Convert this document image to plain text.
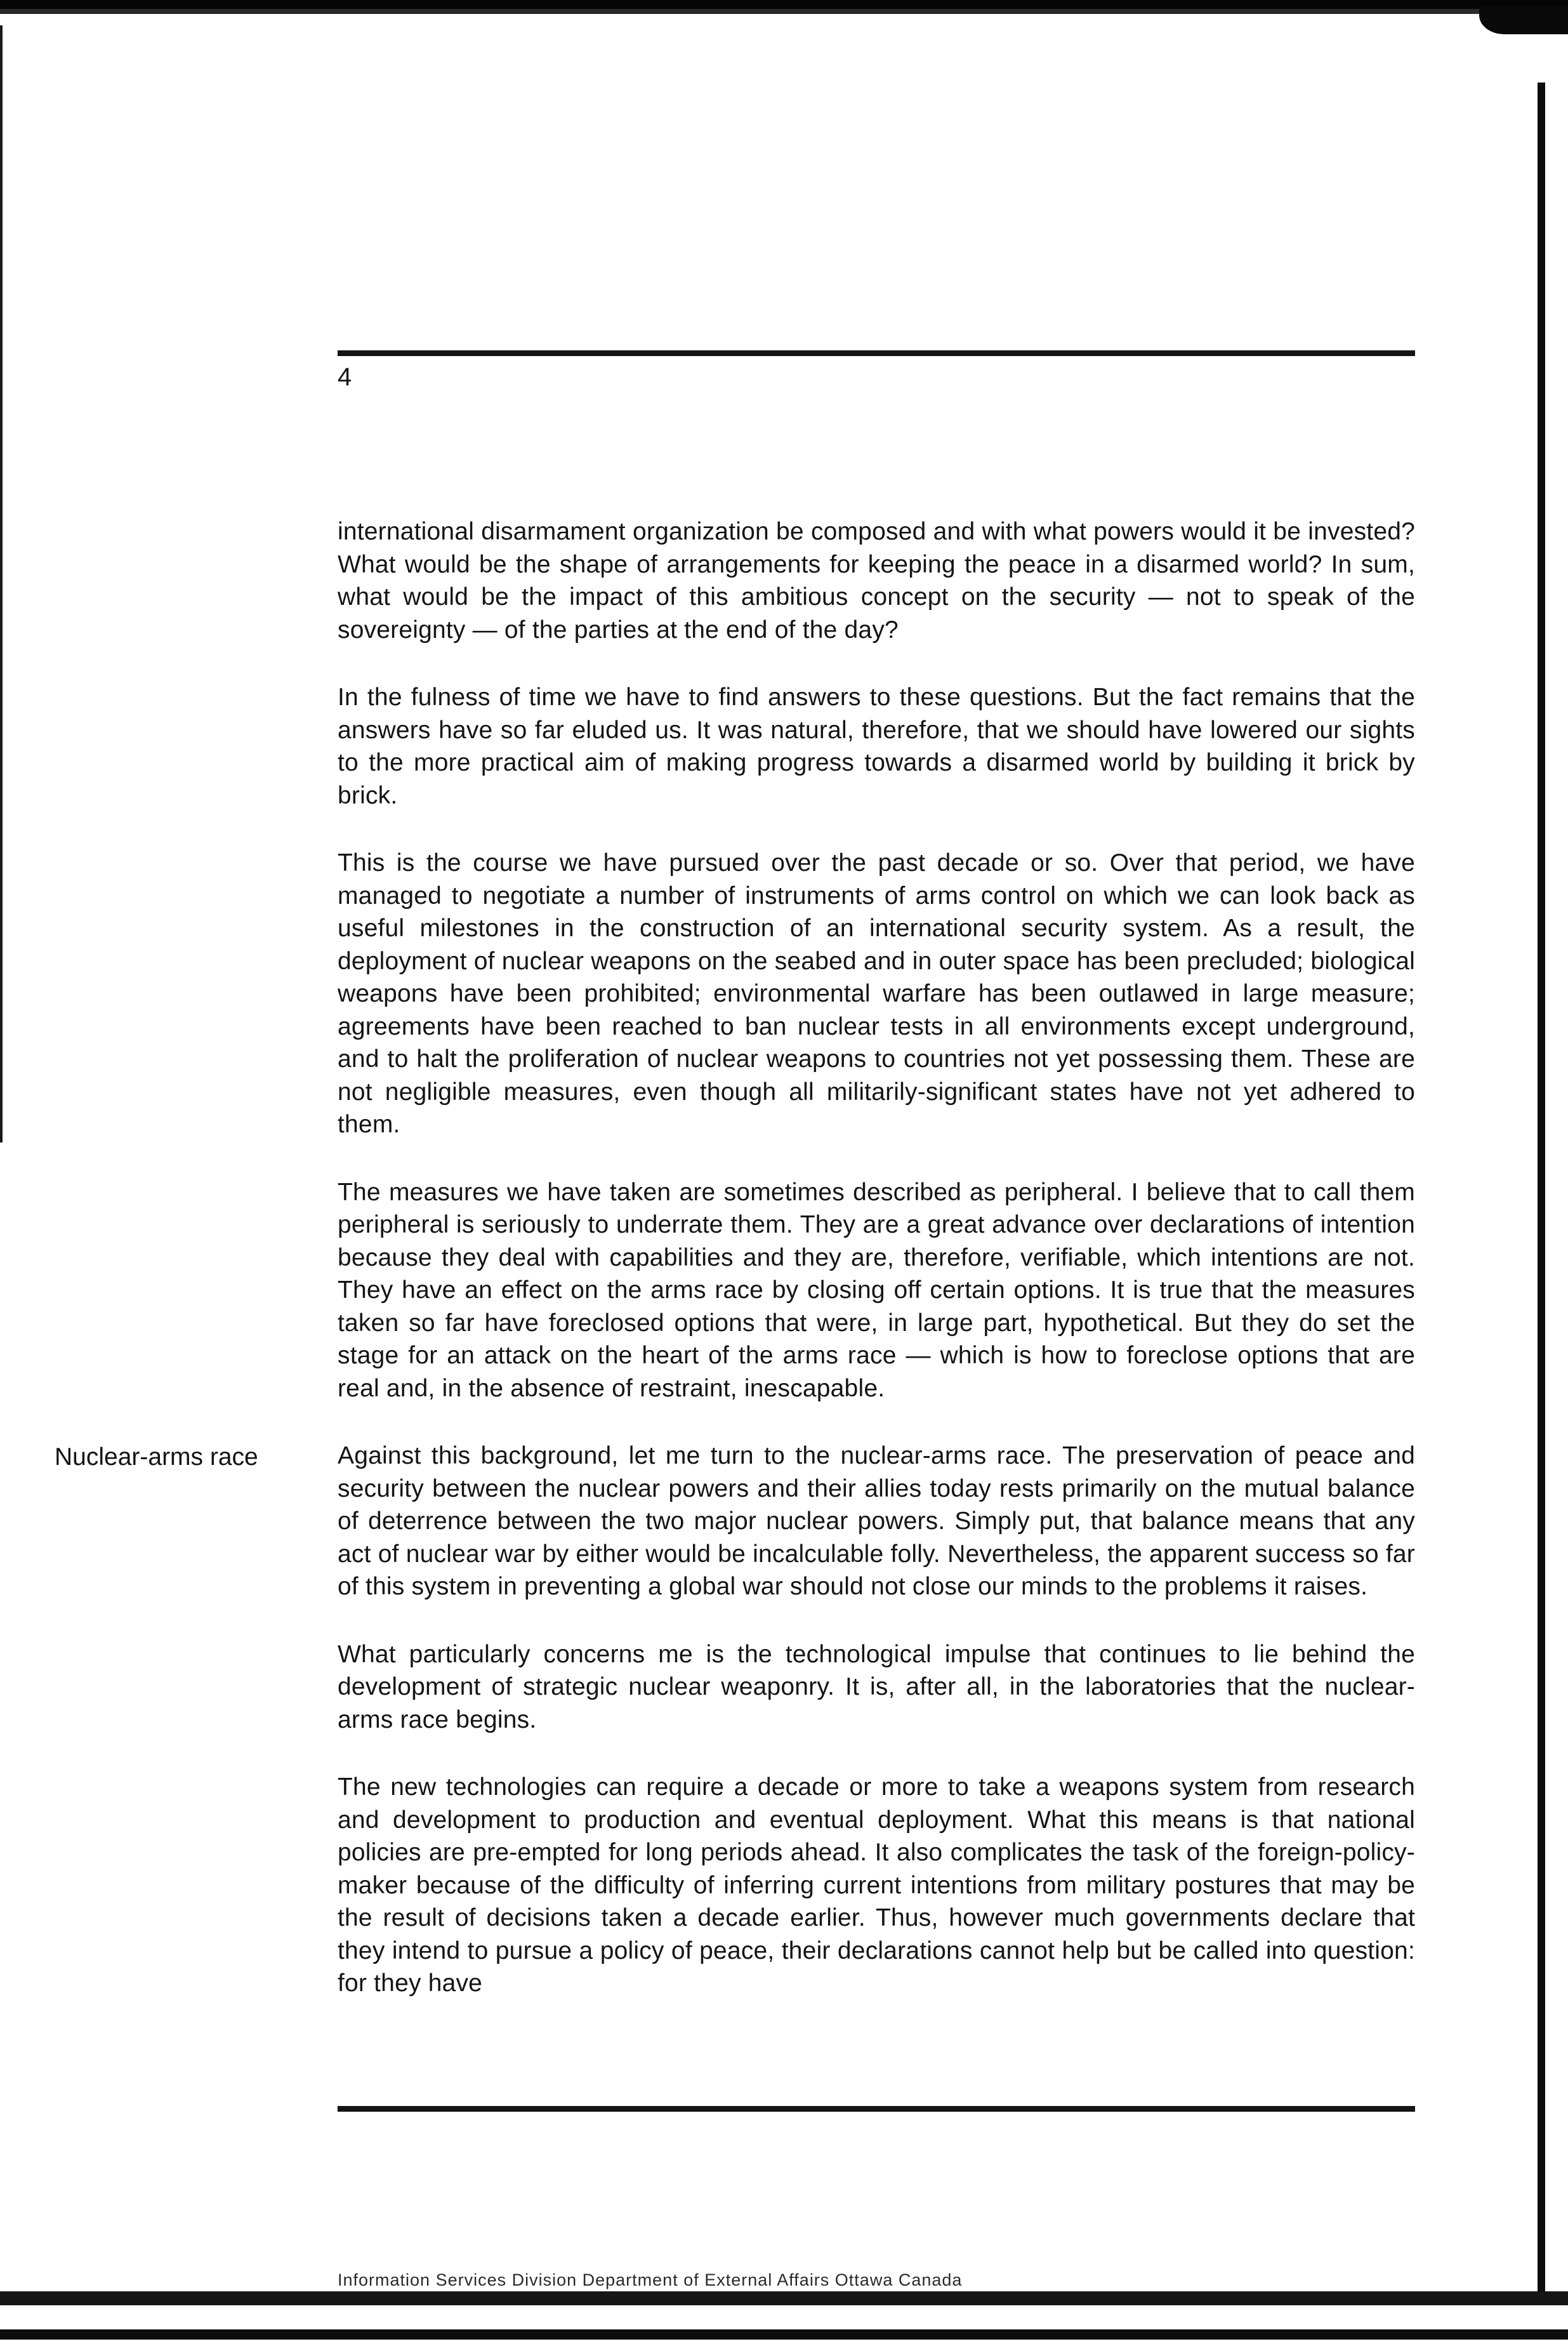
4
Nuclear-arms race

international disarmament organization be composed and with what powers would it be invested? What would be the shape of arrangements for keeping the peace in a disarmed world? In sum, what would be the impact of this ambitious concept on the security — not to speak of the sovereignty — of the parties at the end of the day?

In the fulness of time we have to find answers to these questions. But the fact remains that the answers have so far eluded us. It was natural, therefore, that we should have lowered our sights to the more practical aim of making progress towards a disarmed world by building it brick by brick.

This is the course we have pursued over the past decade or so. Over that period, we have managed to negotiate a number of instruments of arms control on which we can look back as useful milestones in the construction of an international security system. As a result, the deployment of nuclear weapons on the seabed and in outer space has been precluded; biological weapons have been prohibited; environmental warfare has been outlawed in large measure; agreements have been reached to ban nuclear tests in all environments except underground, and to halt the proliferation of nuclear weapons to countries not yet possessing them. These are not negligible measures, even though all militarily-significant states have not yet adhered to them.

The measures we have taken are sometimes described as peripheral. I believe that to call them peripheral is seriously to underrate them. They are a great advance over declarations of intention because they deal with capabilities and they are, therefore, verifiable, which intentions are not. They have an effect on the arms race by closing off certain options. It is true that the measures taken so far have foreclosed options that were, in large part, hypothetical. But they do set the stage for an attack on the heart of the arms race — which is how to foreclose options that are real and, in the absence of restraint, inescapable.

Against this background, let me turn to the nuclear-arms race. The preservation of peace and security between the nuclear powers and their allies today rests primarily on the mutual balance of deterrence between the two major nuclear powers. Simply put, that balance means that any act of nuclear war by either would be incalculable folly. Nevertheless, the apparent success so far of this system in preventing a global war should not close our minds to the problems it raises.

What particularly concerns me is the technological impulse that continues to lie behind the development of strategic nuclear weaponry. It is, after all, in the laboratories that the nuclear-arms race begins.

The new technologies can require a decade or more to take a weapons system from research and development to production and eventual deployment. What this means is that national policies are pre-empted for long periods ahead. It also complicates the task of the foreign-policy-maker because of the difficulty of inferring current intentions from military postures that may be the result of decisions taken a decade earlier. Thus, however much governments declare that they intend to pursue a policy of peace, their declarations cannot help but be called into question: for they have

Information Services Division Department of External Affairs Ottawa Canada
